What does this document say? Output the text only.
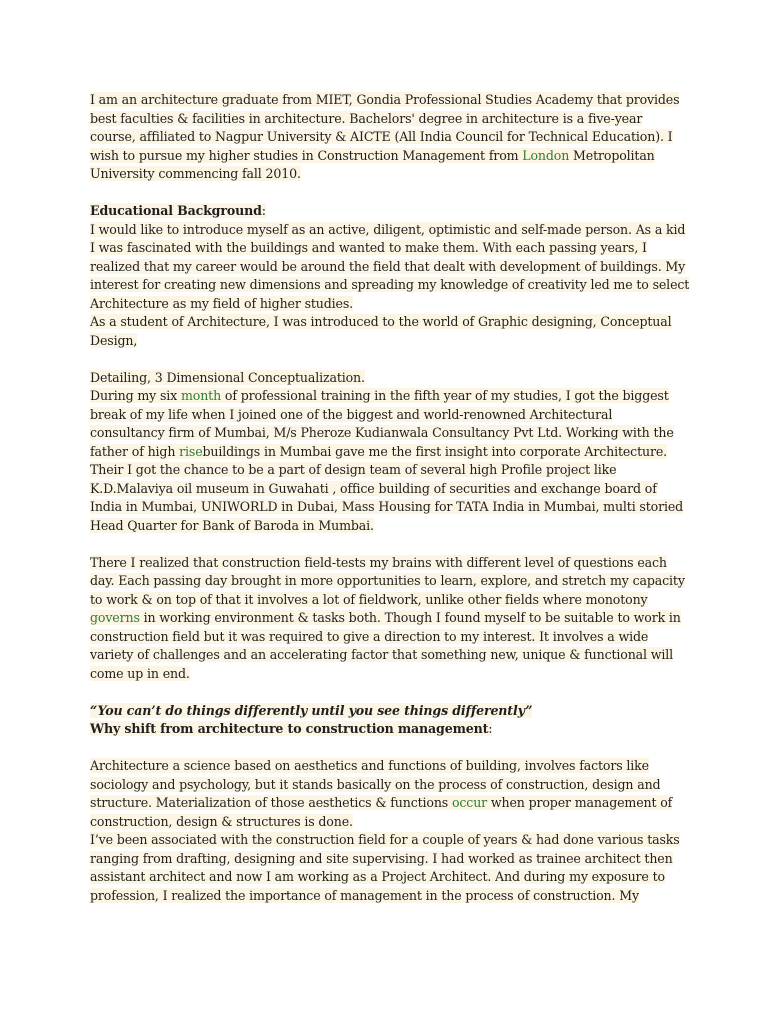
I am an architecture graduate from MIET, Gondia Professional Studies Academy that provides best faculties & facilities in architecture. Bachelors' degree in architecture is a five-year course, affiliated to Nagpur University & AICTE (All India Council for Technical Education). I wish to pursue my higher studies in Construction Management from London Metropolitan University commencing fall 2010.

Educational Background:

I would like to introduce myself as an active, diligent, optimistic and self-made person. As a kid I was fascinated with the buildings and wanted to make them. With each passing years, I realized that my career would be around the field that dealt with development of buildings. My interest for creating new dimensions and spreading my knowledge of creativity led me to select Architecture as my field of higher studies.

As a student of Architecture, I was introduced to the world of Graphic designing, Conceptual Design,

Detailing, 3 Dimensional Conceptualization.

During my six month of professional training in the fifth year of my studies, I got the biggest break of my life when I joined one of the biggest and world-renowned Architectural consultancy firm of Mumbai, M/s Pheroze Kudianwala Consultancy Pvt Ltd. Working with the father of high risebuildings in Mumbai gave me the first insight into corporate Architecture. Their I got the chance to be a part of design team of several high Profile project like K.D.Malaviya oil museum in Guwahati , office building of securities and exchange board of India in Mumbai, UNIWORLD in Dubai, Mass Housing for TATA India in Mumbai, multi storied Head Quarter for Bank of Baroda in Mumbai.

There I realized that construction field-tests my brains with different level of questions each day. Each passing day brought in more opportunities to learn, explore, and stretch my capacity to work & on top of that it involves a lot of fieldwork, unlike other fields where monotony governs in working environment & tasks both. Though I found myself to be suitable to work in construction field but it was required to give a direction to my interest. It involves a wide variety of challenges and an accelerating factor that something new, unique & functional will come up in end.

“You can’t do things differently until you see things differently”

Why shift from architecture to construction management:

Architecture a science based on aesthetics and functions of building, involves factors like sociology and psychology, but it stands basically on the process of construction, design and structure. Materialization of those aesthetics & functions occur when proper management of construction, design & structures is done.

I’ve been associated with the construction field for a couple of years & had done various tasks ranging from drafting, designing and site supervising. I had worked as trainee architect then assistant architect and now I am working as a Project Architect. And during my exposure to profession, I realized the importance of management in the process of construction. My
